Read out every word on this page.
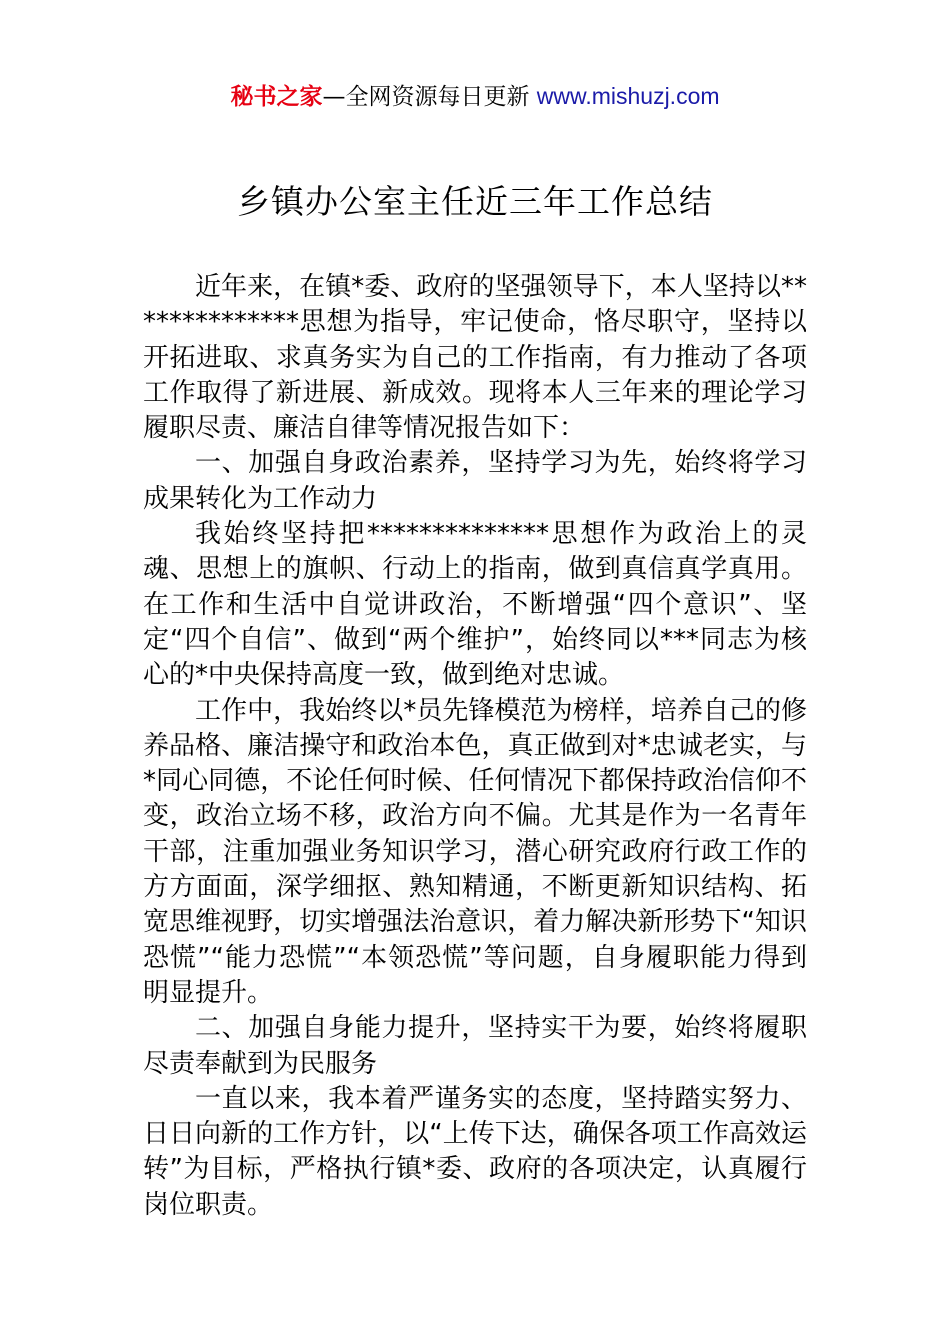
秘书之家—全网资源每日更新 www.mishuzj.com
乡镇办公室主任近三年工作总结

近年来，在镇*委、政府的坚强领导下，本人坚持以**************思想为指导，牢记使命，恪尽职守，坚持以开拓进取、求真务实为自己的工作指南，有力推动了各项工作取得了新进展、新成效。现将本人三年来的理论学习履职尽责、廉洁自律等情况报告如下：

一、加强自身政治素养，坚持学习为先，始终将学习成果转化为工作动力

我始终坚持把**************思想作为政治上的灵魂、思想上的旗帜、行动上的指南，做到真信真学真用。在工作和生活中自觉讲政治，不断增强“四个意识”、坚定“四个自信”、做到“两个维护”，始终同以***同志为核心的*中央保持高度一致，做到绝对忠诚。

工作中，我始终以*员先锋模范为榜样，培养自己的修养品格、廉洁操守和政治本色，真正做到对*忠诚老实，与*同心同德，不论任何时候、任何情况下都保持政治信仰不变，政治立场不移，政治方向不偏。尤其是作为一名青年干部，注重加强业务知识学习，潜心研究政府行政工作的方方面面，深学细抠、熟知精通，不断更新知识结构、拓宽思维视野，切实增强法治意识，着力解决新形势下“知识恐慌”“能力恐慌”“本领恐慌”等问题，自身履职能力得到明显提升。

二、加强自身能力提升，坚持实干为要，始终将履职尽责奉献到为民服务

一直以来，我本着严谨务实的态度，坚持踏实努力、日日向新的工作方针，以“上传下达，确保各项工作高效运转”为目标，严格执行镇*委、政府的各项决定，认真履行岗位职责。
